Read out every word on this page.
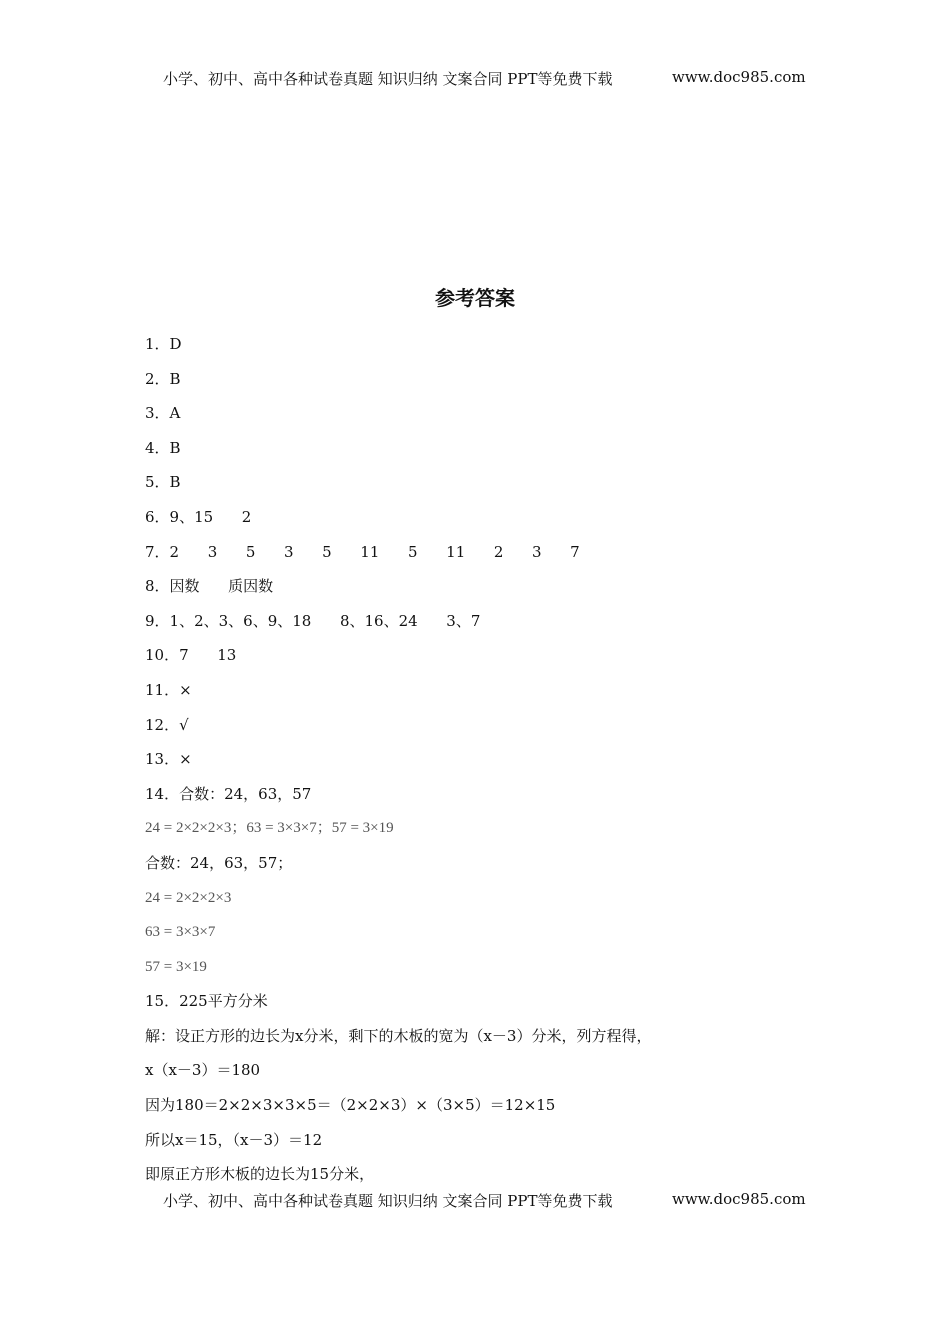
小学、初中、高中各种试卷真题 知识归纳 文案合同 PPT等免费下载	www.doc985.com
参考答案
1．D
2．B
3．A
4．B
5．B
6．9、15      2
7．2      3      5      3      5      11      5      11      2      3      7
8．因数      质因数
9．1、2、3、6、9、18      8、16、24      3、7
10．7      13
11．×
12．√
13．×
14．合数：24，63，57
24 = 2×2×2×3；63 = 3×3×7；57 = 3×19
合数：24，63，57；
24 = 2×2×2×3
63 = 3×3×7
57 = 3×19
15．225平方分米
解：设正方形的边长为x分米，剩下的木板的宽为（x－3）分米，列方程得，
x（x－3）＝180
因为180＝2×2×3×3×5＝（2×2×3）×（3×5）＝12×15
所以x＝15，（x－3）＝12
即原正方形木板的边长为15分米，
小学、初中、高中各种试卷真题 知识归纳 文案合同 PPT等免费下载	www.doc985.com
